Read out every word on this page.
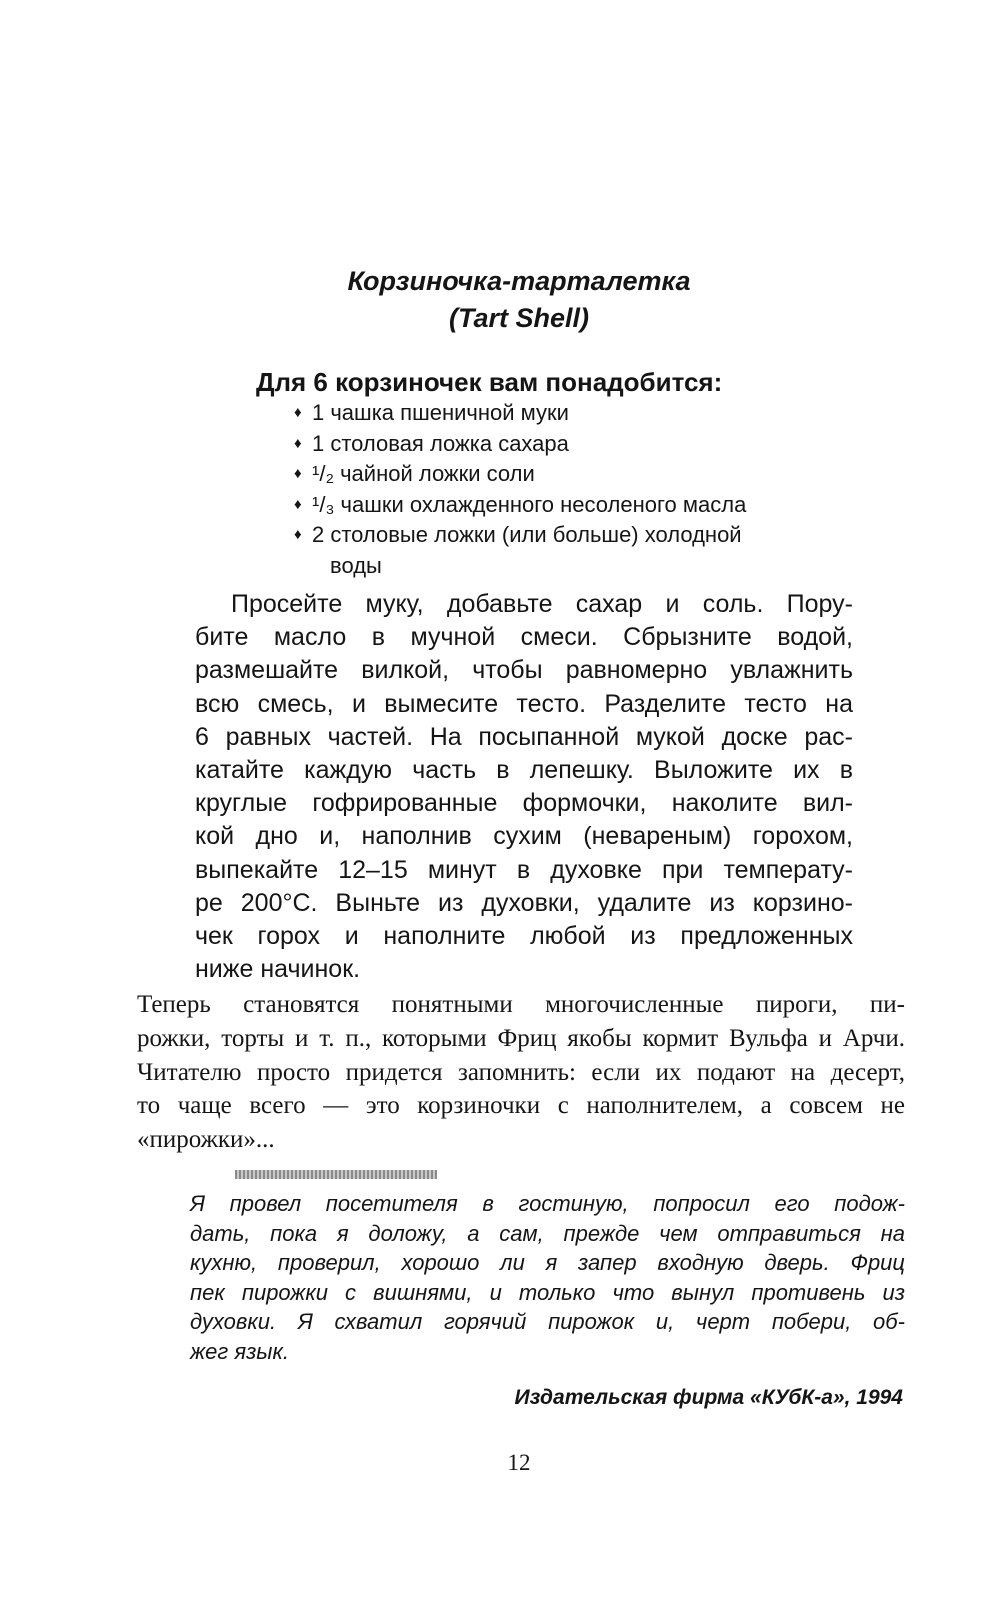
Корзиночка-тарталетка
(Tart Shell)
Для 6 корзиночек вам понадобится:
♦ 1 чашка пшеничной муки
♦ 1 столовая ложка сахара
♦ ¹/₂ чайной ложки соли
♦ ¹/₃ чашки охлажденного несоленого масла
♦ 2 столовые ложки (или больше) холодной
воды
Просейте муку, добавьте сахар и соль. Пору-
бите масло в мучной смеси. Сбрызните водой,
размешайте вилкой, чтобы равномерно увлажнить
всю смесь, и вымесите тесто. Разделите тесто на
6 равных частей. На посыпанной мукой доске рас-
катайте каждую часть в лепешку. Выложите их в
круглые гофрированные формочки, наколите вил-
кой дно и, наполнив сухим (невареным) горохом,
выпекайте 12–15 минут в духовке при температу-
ре 200°С. Выньте из духовки, удалите из корзино-
чек горох и наполните любой из предложенных
ниже начинок.
Теперь становятся понятными многочисленные пироги, пи-
рожки, торты и т. п., которыми Фриц якобы кормит Вульфа и Арчи.
Читателю просто придется запомнить: если их подают на десерт,
то чаще всего — это корзиночки с наполнителем, а совсем не
«пирожки»...
Я провел посетителя в гостиную, попросил его подож-
дать, пока я доложу, а сам, прежде чем отправиться на
кухню, проверил, хорошо ли я запер входную дверь. Фриц
пек пирожки с вишнями, и только что вынул противень из
духовки. Я схватил горячий пирожок и, черт побери, об-
жег язык.
Издательская фирма «КУбК-а», 1994
12
